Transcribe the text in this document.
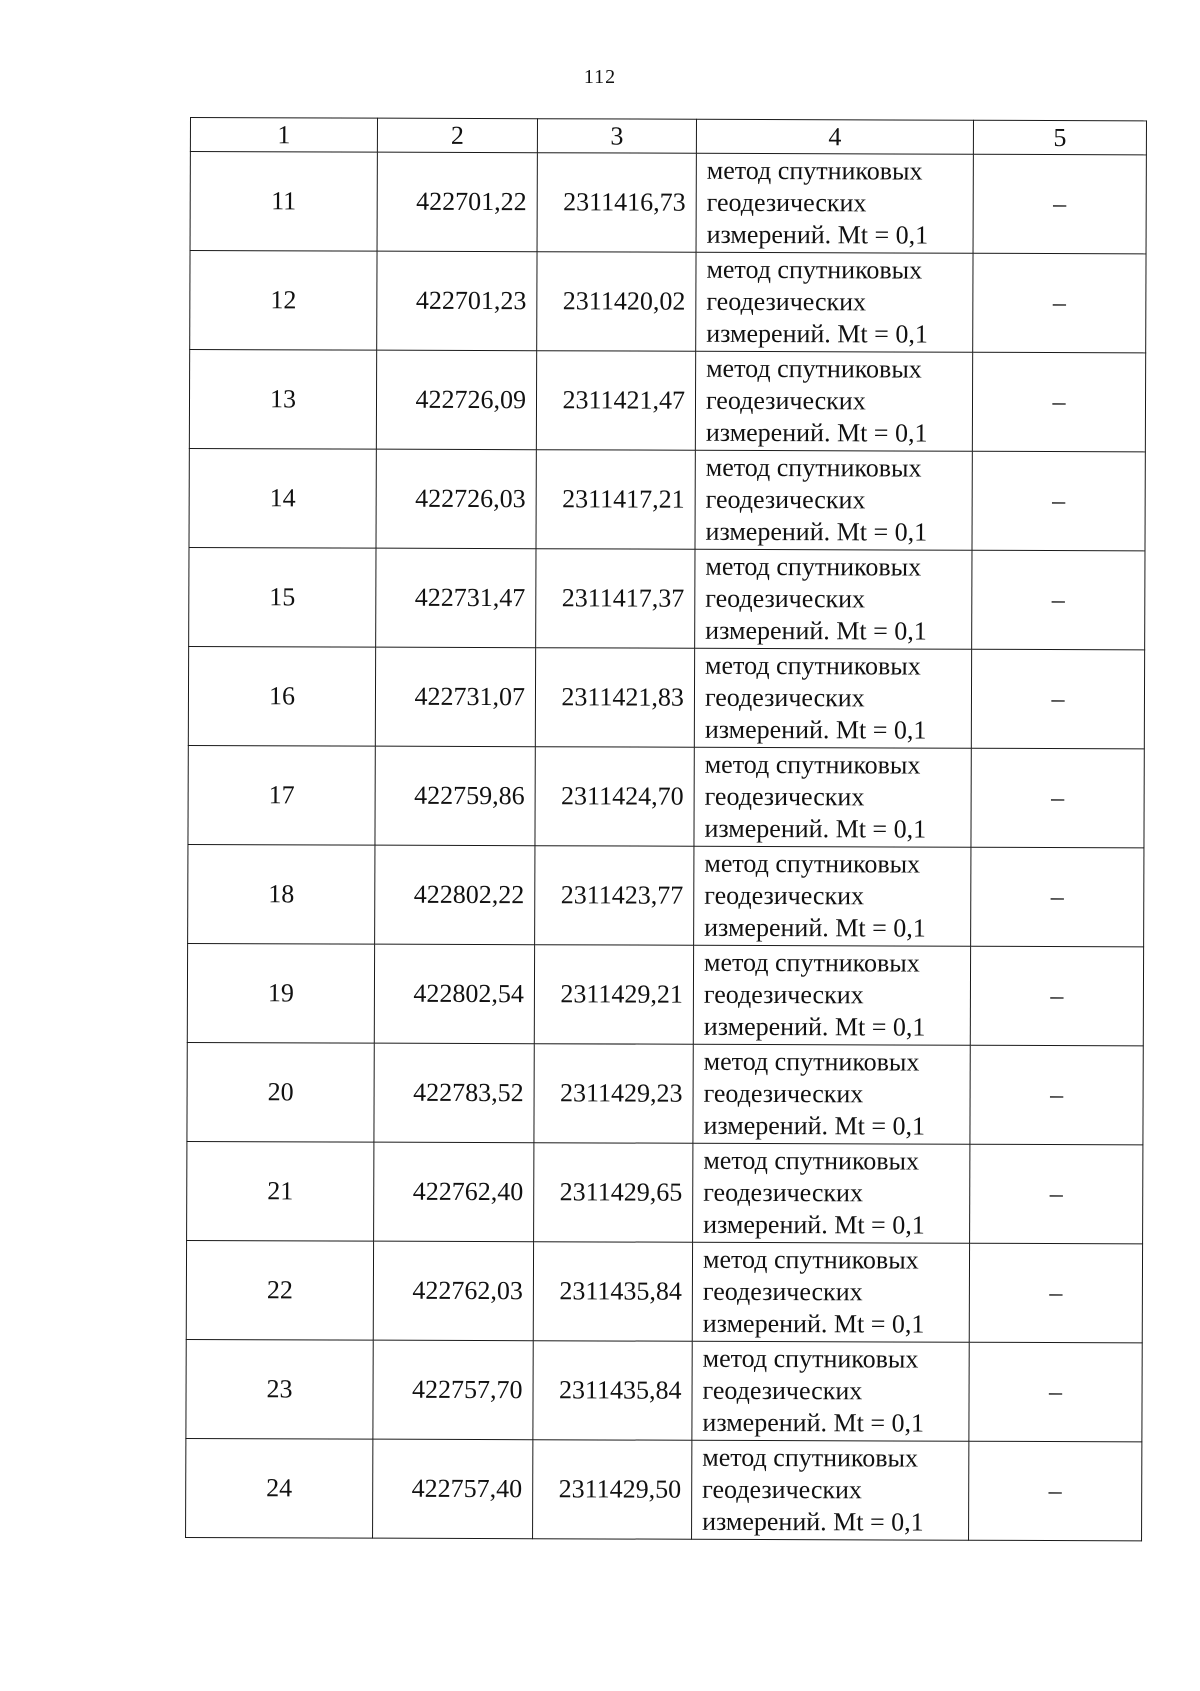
112
1	2	3	4	5
11	422701,22	2311416,73	метод спутниковых
геодезических
измерений. Mt = 0,1	–
12	422701,23	2311420,02	метод спутниковых
геодезических
измерений. Mt = 0,1	–
13	422726,09	2311421,47	метод спутниковых
геодезических
измерений. Mt = 0,1	–
14	422726,03	2311417,21	метод спутниковых
геодезических
измерений. Mt = 0,1	–
15	422731,47	2311417,37	метод спутниковых
геодезических
измерений. Mt = 0,1	–
16	422731,07	2311421,83	метод спутниковых
геодезических
измерений. Mt = 0,1	–
17	422759,86	2311424,70	метод спутниковых
геодезических
измерений. Mt = 0,1	–
18	422802,22	2311423,77	метод спутниковых
геодезических
измерений. Mt = 0,1	–
19	422802,54	2311429,21	метод спутниковых
геодезических
измерений. Mt = 0,1	–
20	422783,52	2311429,23	метод спутниковых
геодезических
измерений. Mt = 0,1	–
21	422762,40	2311429,65	метод спутниковых
геодезических
измерений. Mt = 0,1	–
22	422762,03	2311435,84	метод спутниковых
геодезических
измерений. Mt = 0,1	–
23	422757,70	2311435,84	метод спутниковых
геодезических
измерений. Mt = 0,1	–
24	422757,40	2311429,50	метод спутниковых
геодезических
измерений. Mt = 0,1	–
